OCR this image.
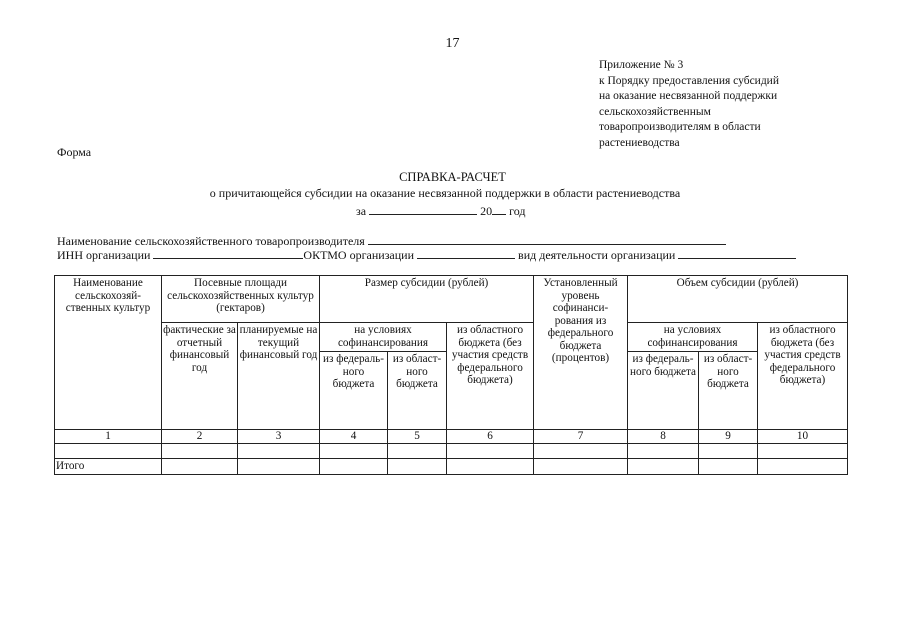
17
Приложение № 3
к Порядку предоставления субсидий
на оказание несвязанной поддержки
сельскохозяйственным
товаропроизводителям в области
растениеводства
Форма
СПРАВКА-РАСЧЕТ
о причитающейся субсидии на оказание несвязанной поддержки в области растениеводства
за	20 год
Наименование сельскохозяйственного товаропроизводителя
ИНН организации	ОКТМО организации	вид деятельности организации
Наименование сельскохозяй-ственных культур	Посевные площади сельскохозяйственных культур (гектаров)		Размер субсидии (рублей)			Установленный уровень софинанси-рования из федерального бюджета (процентов)	Объем субсидии (рублей)		
	фактические за отчетный финансовый год	планируемые на текущий финансовый год	на условиях софинансирования		из областного бюджета (без участия средств федерального бюджета)		на условиях софинансирования		из областного бюджета (без участия средств федерального бюджета)
			из федераль-ного бюджета	из област-ного бюджета			из федераль-ного бюджета	из област-ного бюджета	
1	2	3	4	5	6	7	8	9	10

Итого									
